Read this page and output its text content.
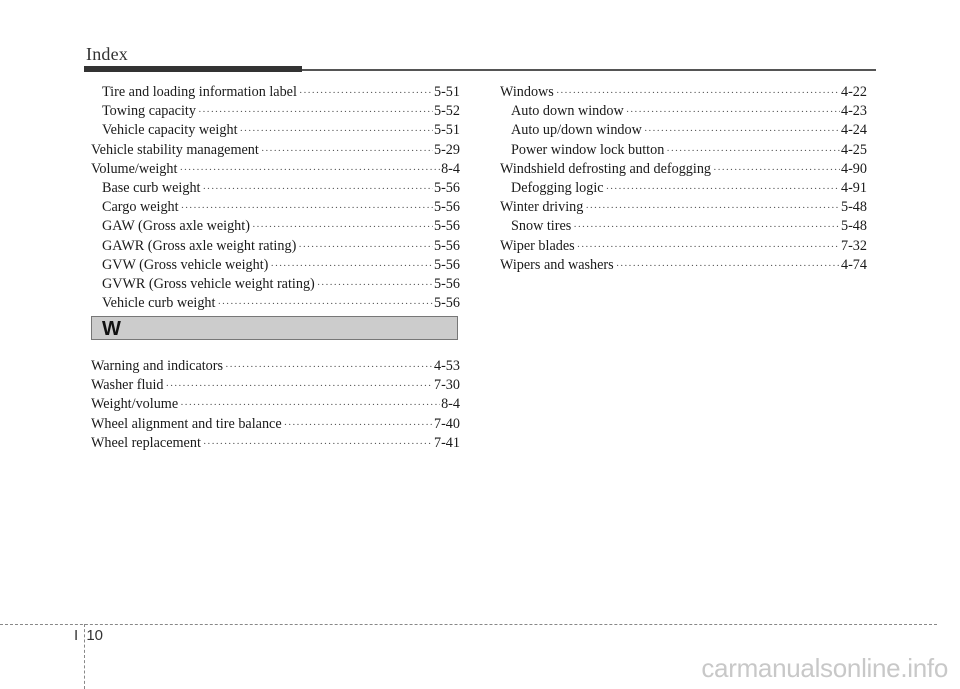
Index
Tire and loading information label ·····	5-51
Towing capacity ·····	5-52
Vehicle capacity weight ·····	5-51
Vehicle stability management ·····	5-29
Volume/weight ·····	8-4
Base curb weight ·····	5-56
Cargo weight ·····	5-56
GAW (Gross axle weight) ·····	5-56
GAWR (Gross axle weight rating) ·····	5-56
GVW (Gross vehicle weight) ·····	5-56
GVWR (Gross vehicle weight rating) ·····	5-56
Vehicle curb weight ·····	5-56
W
Warning and indicators ·····	4-53
Washer fluid ·····	7-30
Weight/volume ·····	8-4
Wheel alignment and tire balance ·····	7-40
Wheel replacement ·····	7-41
Windows ·····	4-22
Auto down window ·····	4-23
Auto up/down window ·····	4-24
Power window lock button ·····	4-25
Windshield defrosting and defogging ·····	4-90
Defogging logic ·····	4-91
Winter driving ·····	5-48
Snow tires ·····	5-48
Wiper blades ·····	7-32
Wipers and washers ·····	4-74
I 10
carmanualsonline.info
